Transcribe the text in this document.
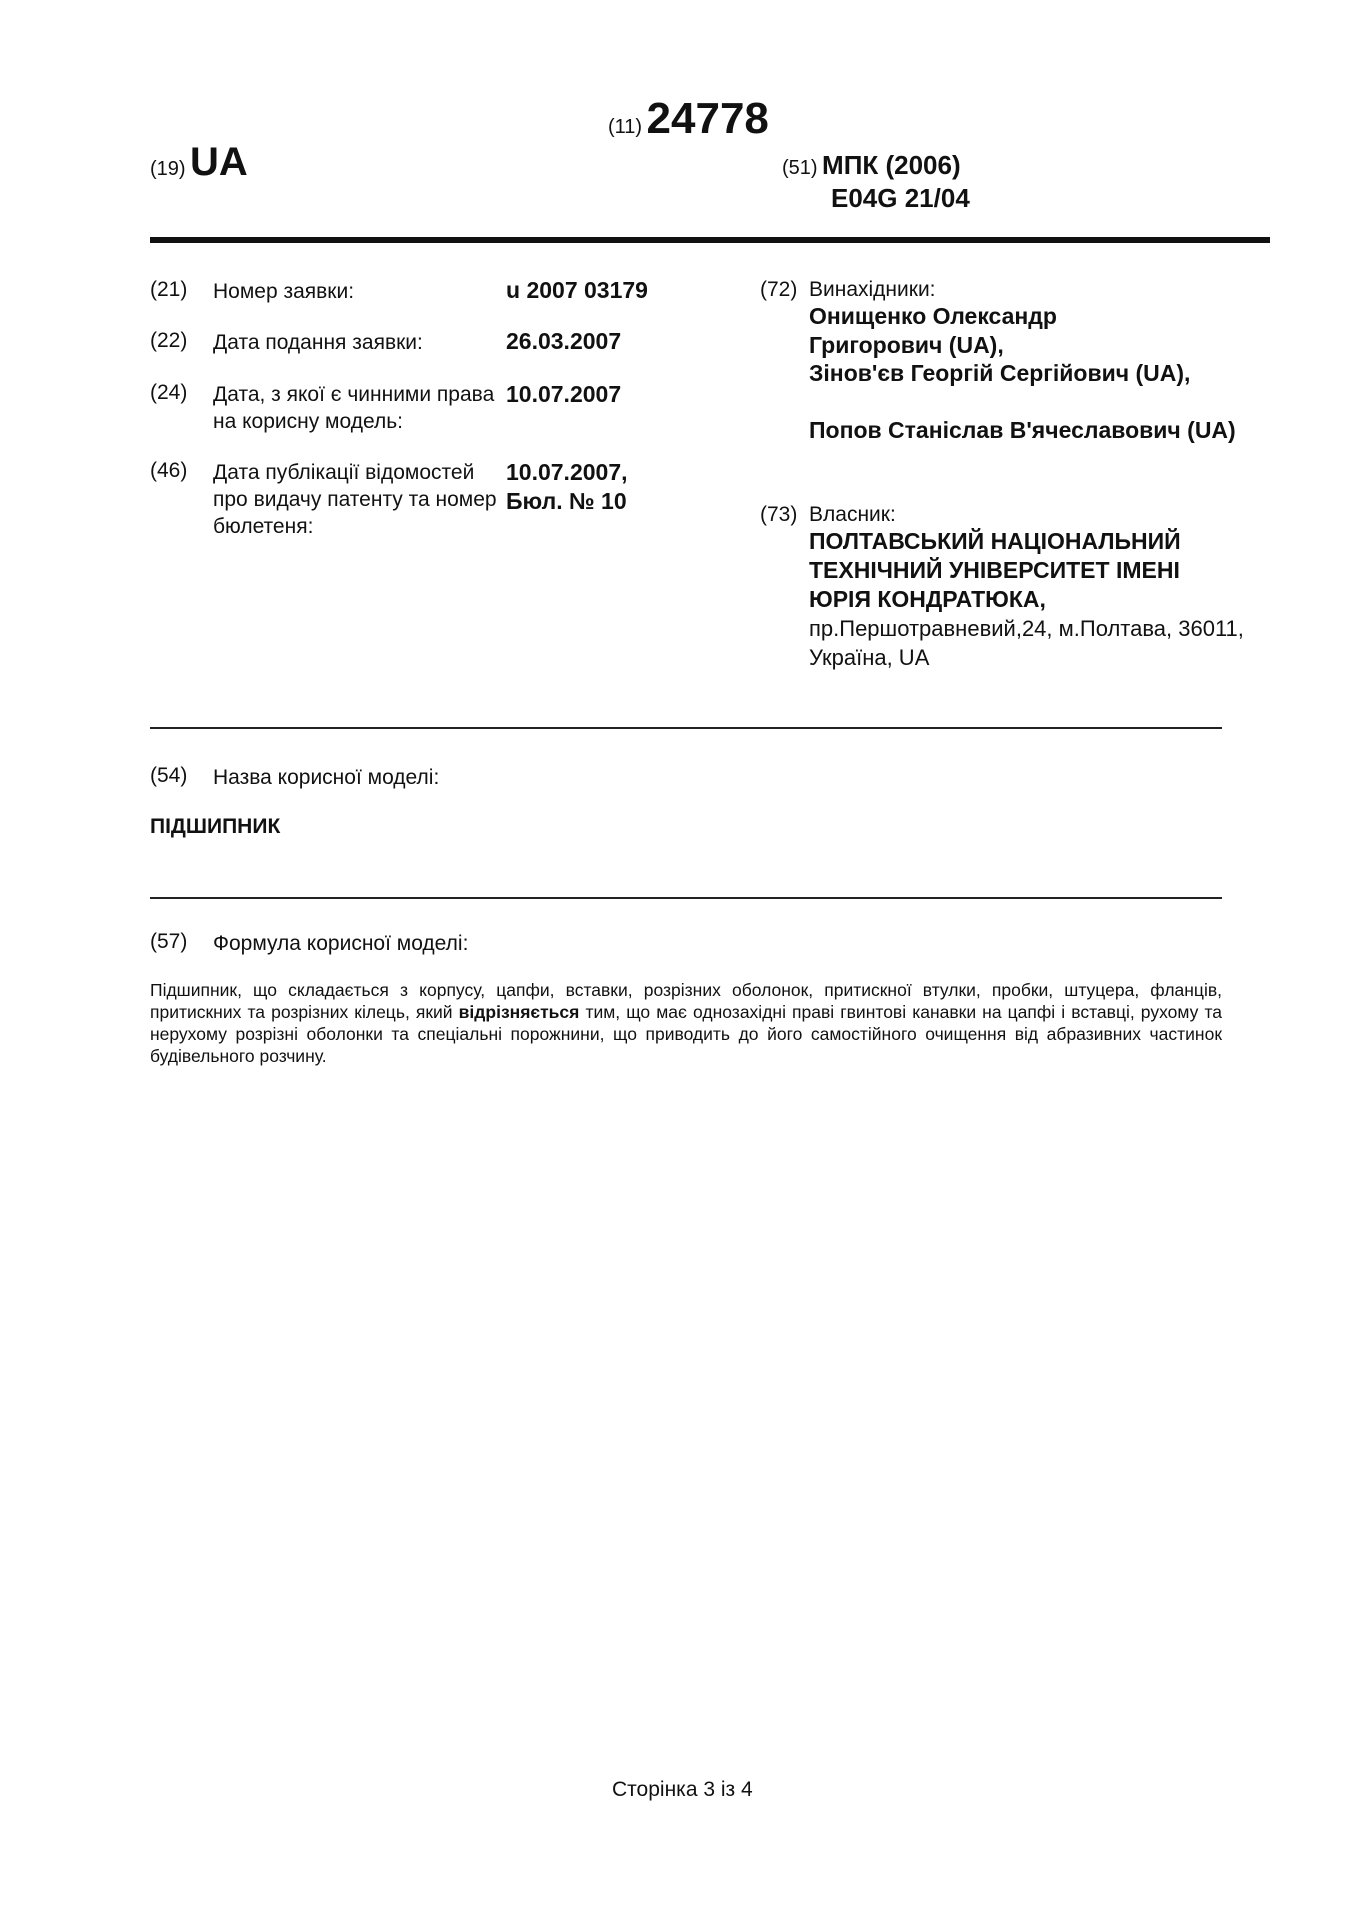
(11) 24778
(19) UA	(51) МПК (2006)
E04G 21/04
(21) Номер заявки:	u 2007 03179
(22) Дата подання заявки:	26.03.2007
(24) Дата, з якої є чинними права на корисну модель:
10.07.2007
(46) Дата публікації відомостей про видачу патенту та номер бюлетеня:
10.07.2007,
Бюл. № 10
(72) Винахідники:
Онищенко Олександр Григорович (UA),
Зінов'єв Георгій Сергійович (UA),
Попов Станіслав В'ячеславович (UA)
(73) Власник:
ПОЛТАВСЬКИЙ НАЦІОНАЛЬНИЙ ТЕХНІЧНИЙ УНІВЕРСИТЕТ ІМЕНІ ЮРІЯ КОНДРАТЮКА,
пр.Першотравневий,24, м.Полтава, 36011, Україна, UA
(54) Назва корисної моделі:
ПІДШИПНИК
(57) Формула корисної моделі:
Підшипник, що складається з корпусу, цапфи, вставки, розрізних оболонок, притискної втулки, пробки, штуцера, фланців, притискних та розрізних кілець, який відрізняється тим, що має однозахідні праві гвинтові канавки на цапфі і вставці, рухому та нерухому розрізні оболонки та спеціальні порожнини, що приводить до його самостійного очищення від абразивних частинок будівельного розчину.
Сторінка 3 із 4
